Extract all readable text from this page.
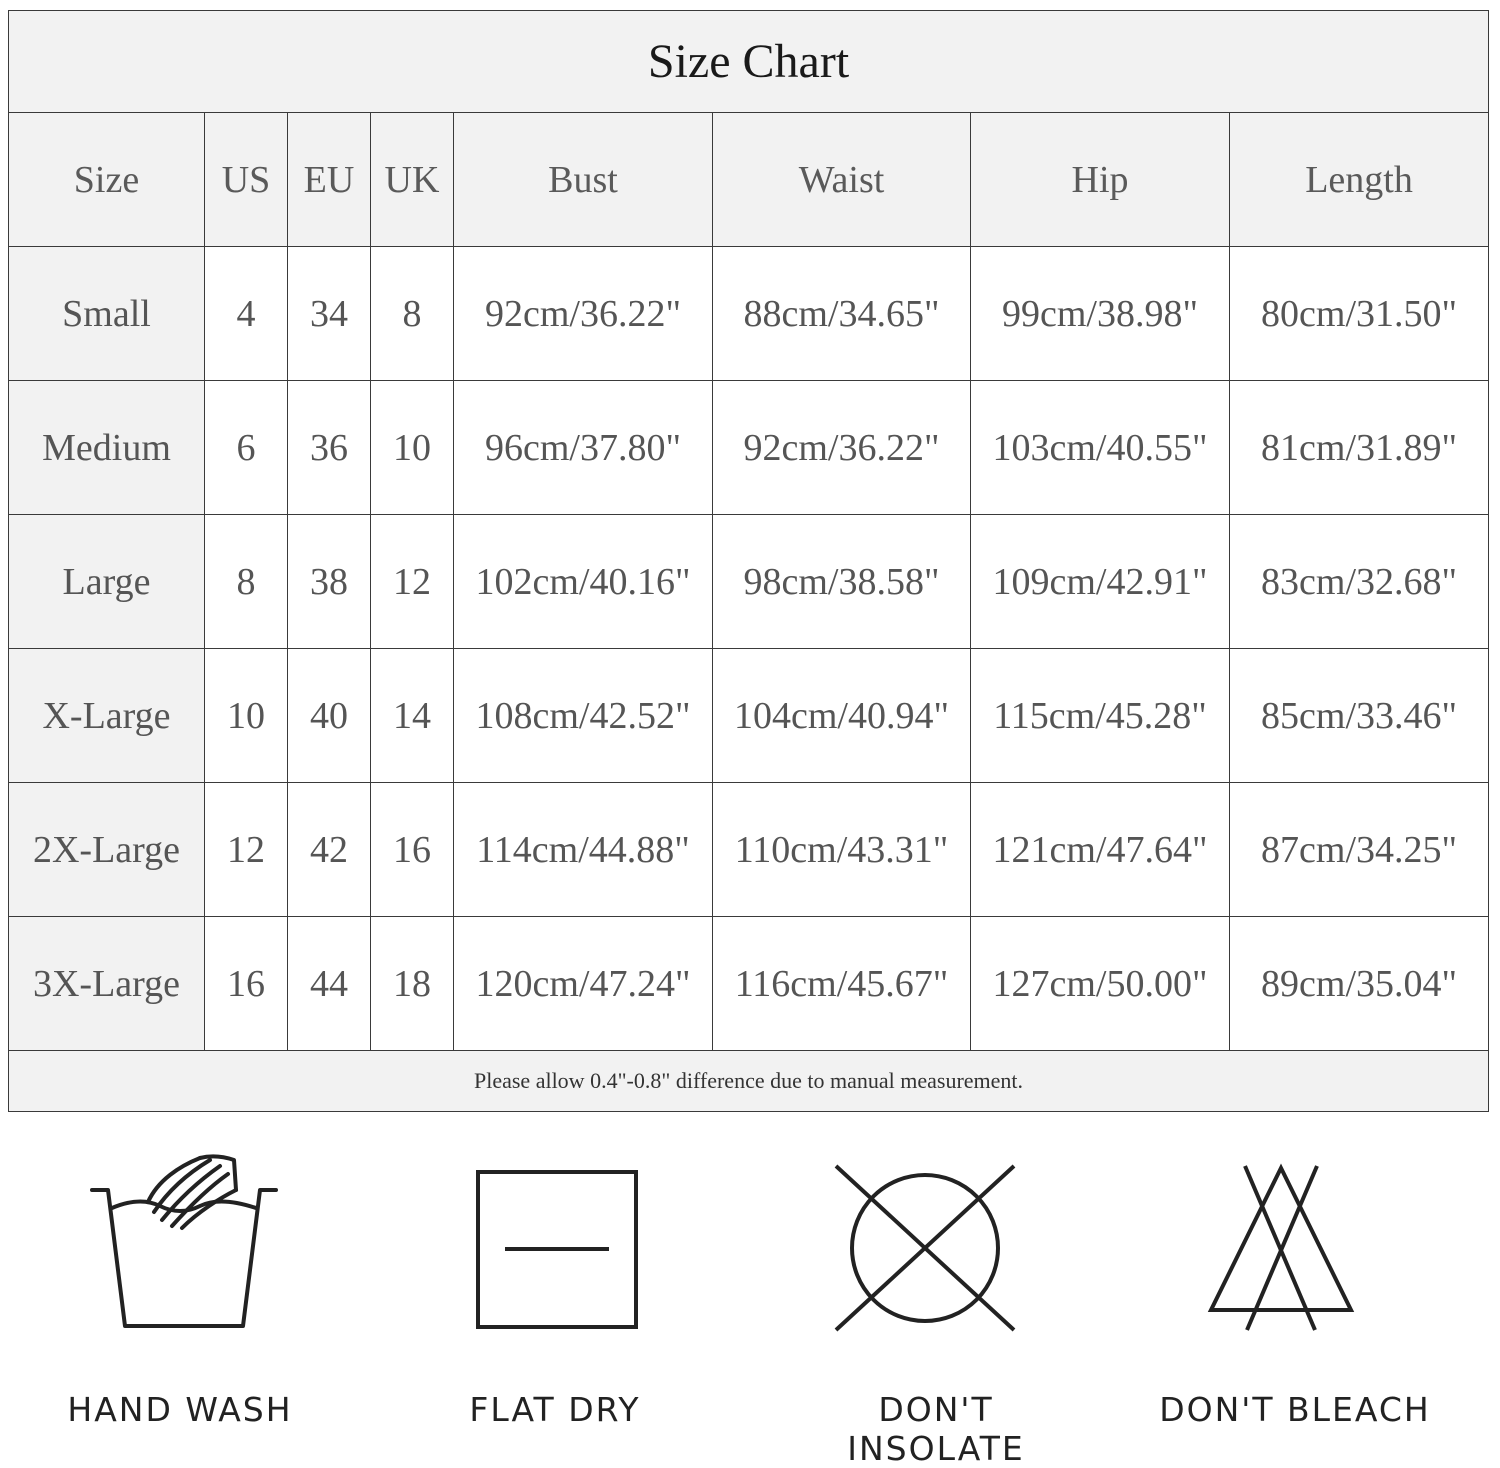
Size Chart							
Size	US	EU	UK	Bust	Waist	Hip	Length
Small	4	34	8	92cm/36.22"	88cm/34.65"	99cm/38.98"	80cm/31.50"
Medium	6	36	10	96cm/37.80"	92cm/36.22"	103cm/40.55"	81cm/31.89"
Large	8	38	12	102cm/40.16"	98cm/38.58"	109cm/42.91"	83cm/32.68"
X-Large	10	40	14	108cm/42.52"	104cm/40.94"	115cm/45.28"	85cm/33.46"
2X-Large	12	42	16	114cm/44.88"	110cm/43.31"	121cm/47.64"	87cm/34.25"
3X-Large	16	44	18	120cm/47.24"	116cm/45.67"	127cm/50.00"	89cm/35.04"
Please allow 0.4"-0.8" difference due to manual measurement.							
HAND WASH	FLAT DRY	DON'T INSOLATE
DON'T BLEACH
